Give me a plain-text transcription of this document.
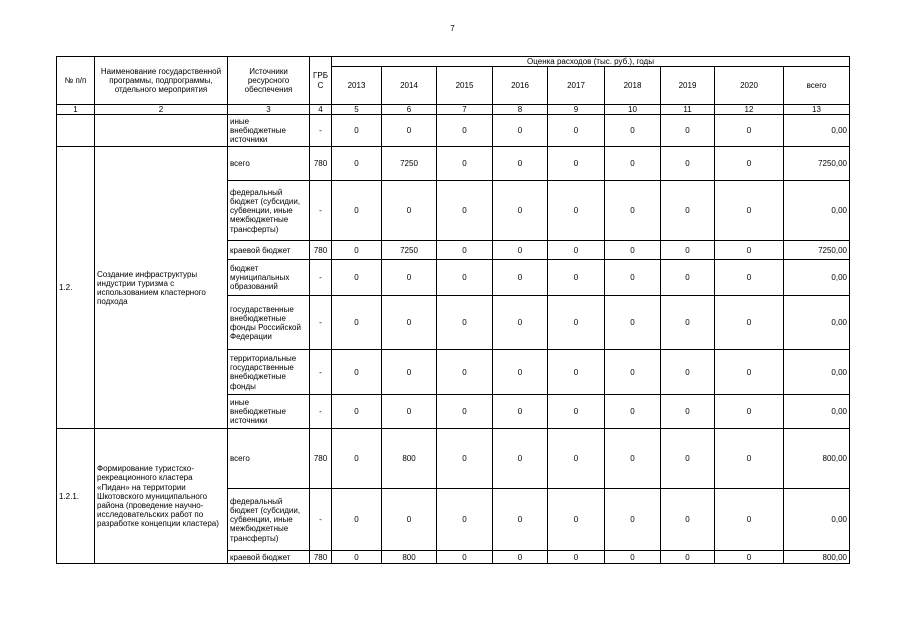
7
№ п/п	Наименование государственной программы, подпрограммы, отдельного мероприятия	Источники ресурсного обеспечения	ГРБ С	Оценка расходов (тыс. руб.), годы								
				2013	2014	2015	2016	2017	2018	2019	2020	всего
1	2	3	4	5	6	7	8	9	10	11	12	13
		иные внебюджетные источники	-	0	0	0	0	0	0	0	0	0,00
1.2.	Создание инфраструктуры индустрии туризма с использованием кластерного подхода	всего	780	0	7250	0	0	0	0	0	0	7250,00
		федеральный бюджет (субсидии, субвенции, иные межбюджетные трансферты)	-	0	0	0	0	0	0	0	0	0,00
		краевой бюджет	780	0	7250	0	0	0	0	0	0	7250,00
		бюджет муниципальных образований	-	0	0	0	0	0	0	0	0	0,00
		государственные внебюджетные фонды Российской Федерации	-	0	0	0	0	0	0	0	0	0,00
		территориальные государственные внебюджетные фонды	-	0	0	0	0	0	0	0	0	0,00
		иные внебюджетные источники	-	0	0	0	0	0	0	0	0	0,00
1.2.1.	Формирование туристско-рекреационного кластера «Пидан» на территории Шкотовского муниципального района (проведение научно-исследовательских работ по разработке концепции кластера)	всего	780	0	800	0	0	0	0	0	0	800,00
		федеральный бюджет (субсидии, субвенции, иные межбюджетные трансферты)	-	0	0	0	0	0	0	0	0	0,00
		краевой бюджет	780	0	800	0	0	0	0	0	0	800,00
